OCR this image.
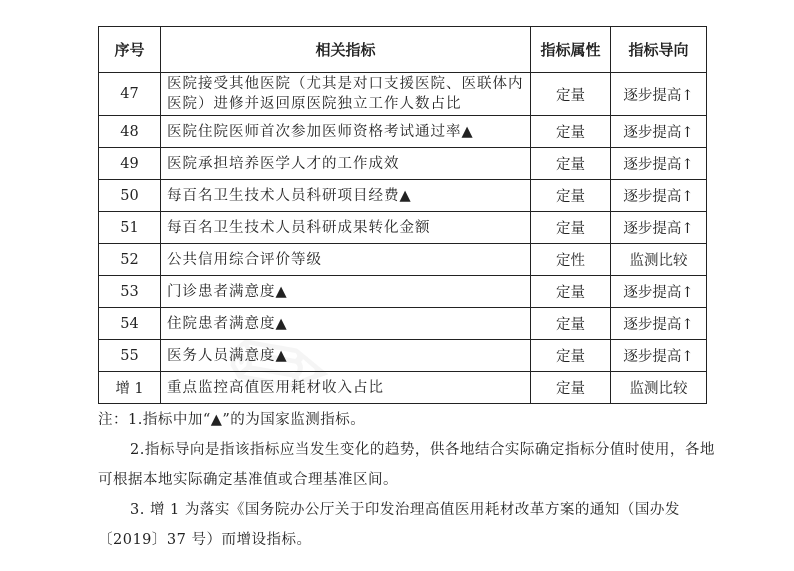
序号	相关指标	指标属性	指标导向
47	医院接受其他医院（尤其是对口支援医院、医联体内医院）进修并返回原医院独立工作人数占比	定量	逐步提高↑
48	医院住院医师首次参加医师资格考试通过率▲	定量	逐步提高↑
49	医院承担培养医学人才的工作成效	定量	逐步提高↑
50	每百名卫生技术人员科研项目经费▲	定量	逐步提高↑
51	每百名卫生技术人员科研成果转化金额	定量	逐步提高↑
52	公共信用综合评价等级	定性	监测比较
53	门诊患者满意度▲	定量	逐步提高↑
54	住院患者满意度▲	定量	逐步提高↑
55	医务人员满意度▲	定量	逐步提高↑
增 1	重点监控高值医用耗材收入占比	定量	监测比较

注：1.指标中加“▲”的为国家监测指标。

2.指标导向是指该指标应当发生变化的趋势，供各地结合实际确定指标分值时使用，各地可根据本地实际确定基准值或合理基准区间。

3. 增 1 为落实《国务院办公厅关于印发治理高值医用耗材改革方案的通知（国办发〔2019〕37 号）而增设指标。
